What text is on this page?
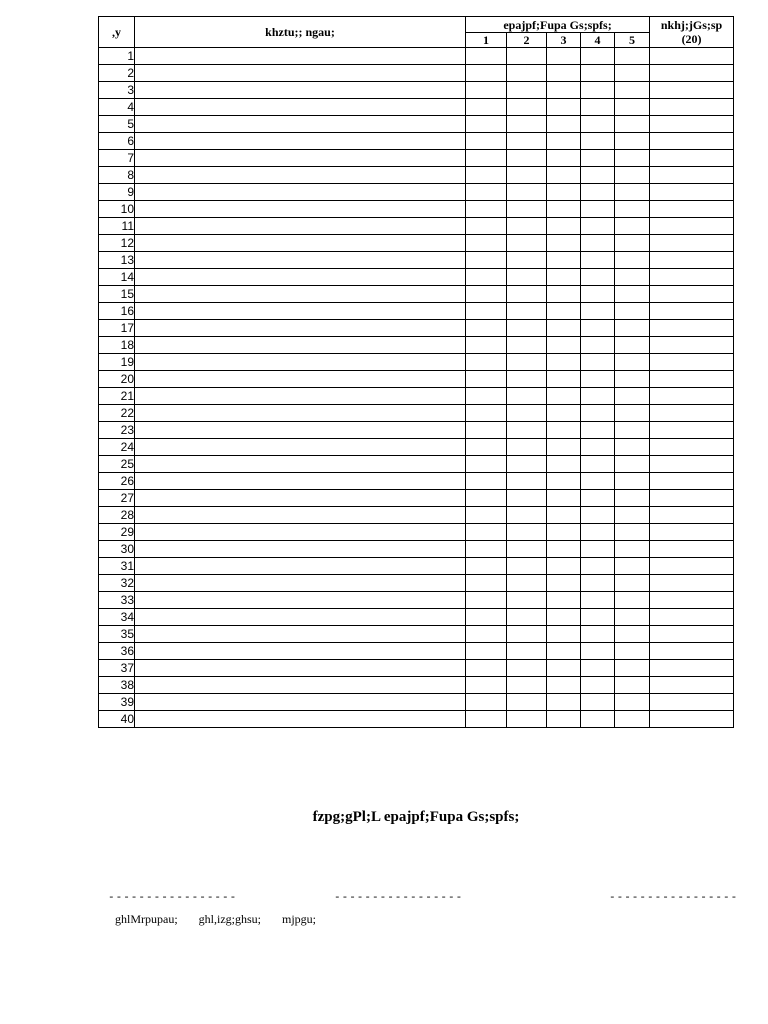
,y	khztu;; ngau;	epajpf;Fupa Gs;spfs;					nkhj;jGs;sp
(20)

		1	2	3	4	5	
1							
2							
3							
4							
5							
6							
7							
8							
9							
10							
11							
12							
13							
14							
15							
16							
17							
18							
19							
20							
21							
22							
23							
24							
25							
26							
27							
28							
29							
30							
31							
32							
33							
34							
35							
36							
37							
38							
39							
40							
fzpg;gPl;L epajpf;Fupa Gs;spfs;
-----------------	-----------------	-----------------
ghlMrpupau; ghl,izg;ghsu; mjpgu;
